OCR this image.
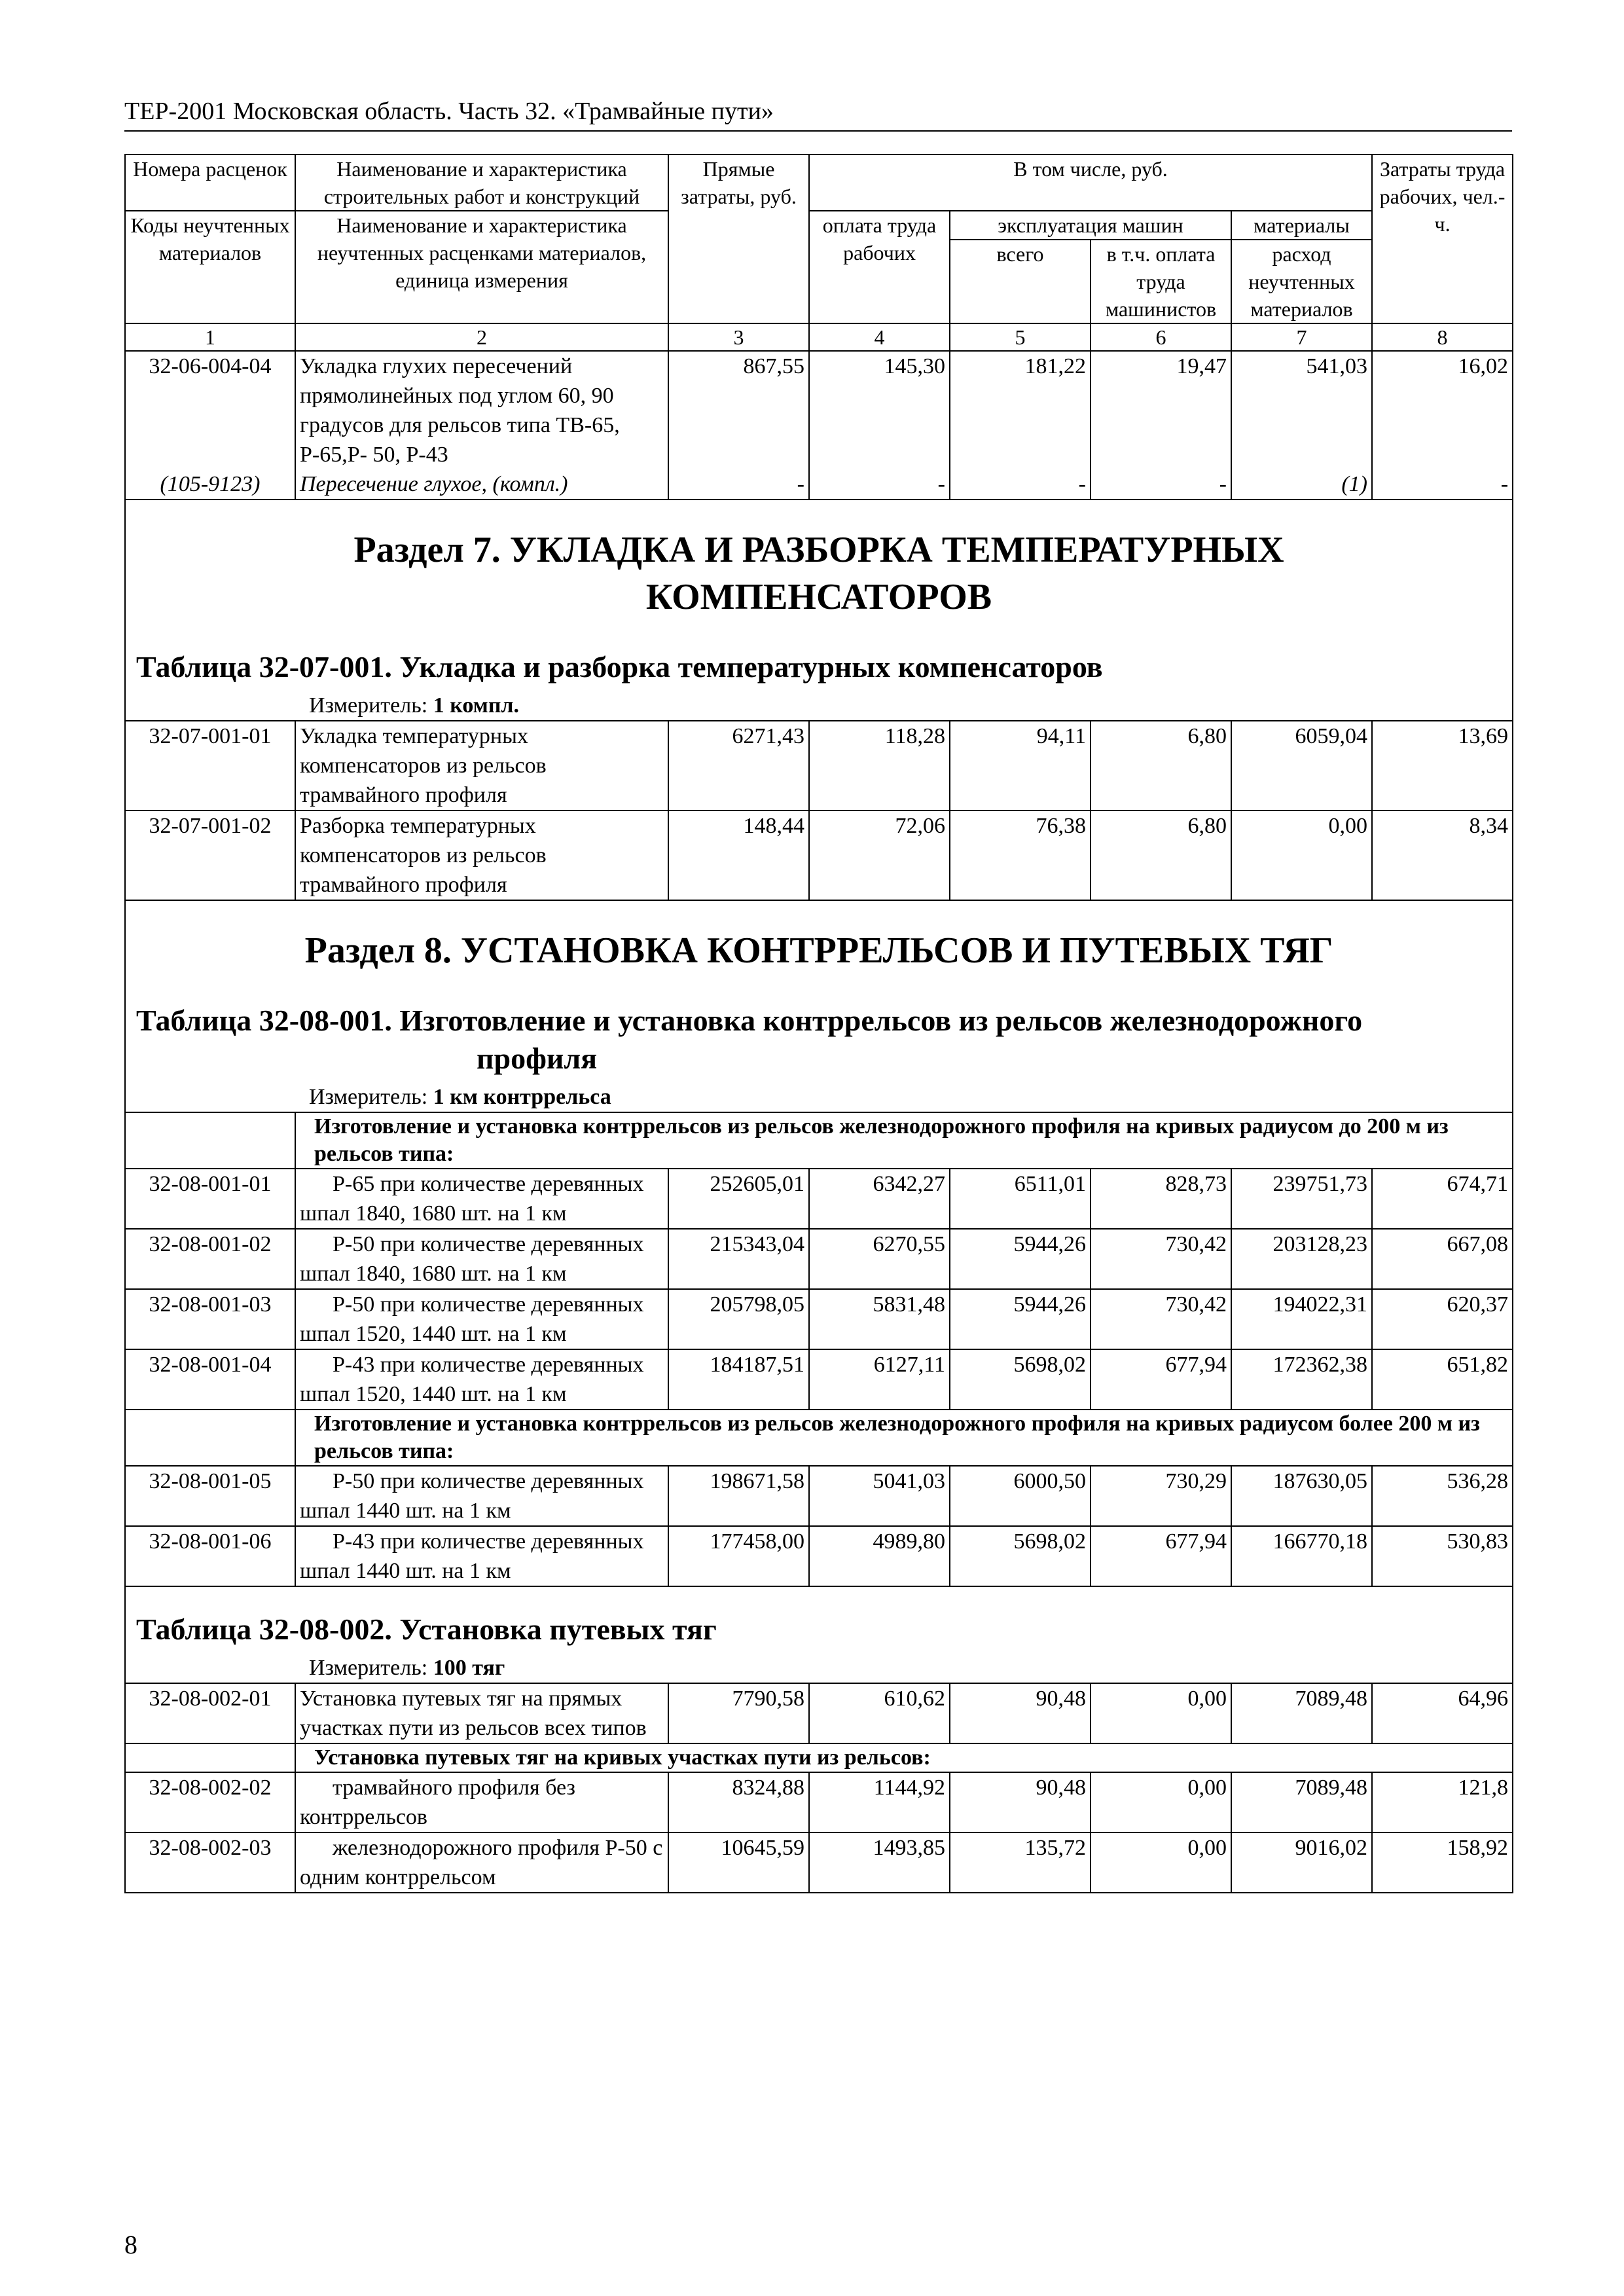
ТЕР-2001 Московская область. Часть 32. «Трамвайные пути»
Номера расценок	Наименование и характеристика строительных работ и конструкций	Прямые затраты, руб.	В том числе, руб.				Затраты труда рабочих, чел.-ч.
Коды неучтенных материалов	Наименование и характеристика неучтенных расценками материалов, единица измерения		оплата труда рабочих	эксплуатация машин		материалы	
				всего	в т.ч. оплата труда машинистов	расход неучтенных материалов	
1	2	3	4	5	6	7	8
32-06-004-04	Укладка глухих пересечений прямолинейных под углом 60, 90 градусов для рельсов типа ТВ-65, Р-65,Р- 50, Р-43	867,55	145,30	181,22	19,47	541,03	16,02
(105-9123)	Пересечение глухое, (компл.)	-	-	-	-	(1)	-

Раздел 7. УКЛАДКА И РАЗБОРКА ТЕМПЕРАТУРНЫХ
КОМПЕНСАТОРОВ
Таблица 32-07-001. Укладка и разборка температурных компенсаторов
Измеритель: 1 компл.							

32-07-001-01	Укладка температурных компенсаторов из рельсов трамвайного профиля	6271,43	118,28	94,11	6,80	6059,04	13,69
32-07-001-02	Разборка температурных компенсаторов из рельсов трамвайного профиля	148,44	72,06	76,38	6,80	0,00	8,34

Раздел 8. УСТАНОВКА КОНТРРЕЛЬСОВ И ПУТЕВЫХ ТЯГ
Таблица 32-08-001. Изготовление и установка контррельсов из рельсов железнодорожного
профиля
Измеритель: 1 км контррельса							

	Изготовление и установка контррельсов из рельсов железнодорожного профиля на кривых радиусом до 200 м из рельсов типа:						
32-08-001-01	Р-65 при количестве деревянных шпал 1840, 1680 шт. на 1 км	252605,01	6342,27	6511,01	828,73	239751,73	674,71
32-08-001-02	Р-50 при количестве деревянных шпал 1840, 1680 шт. на 1 км	215343,04	6270,55	5944,26	730,42	203128,23	667,08
32-08-001-03	Р-50 при количестве деревянных шпал 1520, 1440 шт. на 1 км	205798,05	5831,48	5944,26	730,42	194022,31	620,37
32-08-001-04	Р-43 при количестве деревянных шпал 1520, 1440 шт. на 1 км	184187,51	6127,11	5698,02	677,94	172362,38	651,82
	Изготовление и установка контррельсов из рельсов железнодорожного профиля на кривых радиусом более 200 м из рельсов типа:						
32-08-001-05	Р-50 при количестве деревянных шпал 1440 шт. на 1 км	198671,58	5041,03	6000,50	730,29	187630,05	536,28
32-08-001-06	Р-43 при количестве деревянных шпал 1440 шт. на 1 км	177458,00	4989,80	5698,02	677,94	166770,18	530,83

Таблица 32-08-002. Установка путевых тяг
Измеритель: 100 тяг							

32-08-002-01	Установка путевых тяг на прямых участках пути из рельсов всех типов	7790,58	610,62	90,48	0,00	7089,48	64,96
	Установка путевых тяг на кривых участках пути из рельсов:						
32-08-002-02	трамвайного профиля без контррельсов	8324,88	1144,92	90,48	0,00	7089,48	121,8
32-08-002-03	железнодорожного профиля Р-50 с одним контррельсом	10645,59	1493,85	135,72	0,00	9016,02	158,92
8
